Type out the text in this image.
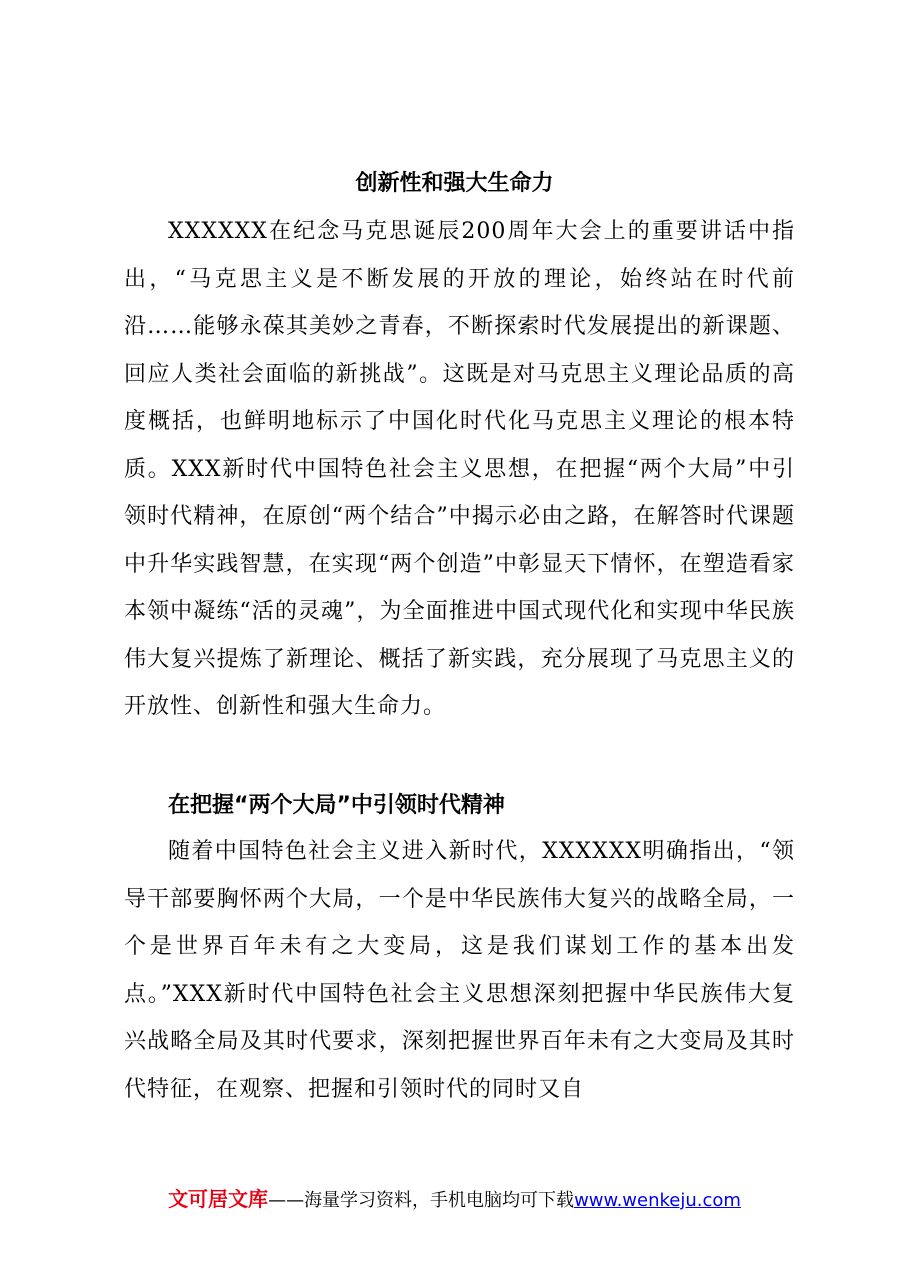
创新性和强大生命力
XXXXXX在纪念马克思诞辰200周年大会上的重要讲话中指出，“马克思主义是不断发展的开放的理论，始终站在时代前沿……能够永葆其美妙之青春，不断探索时代发展提出的新课题、回应人类社会面临的新挑战”。这既是对马克思主义理论品质的高度概括，也鲜明地标示了中国化时代化马克思主义理论的根本特质。XXX新时代中国特色社会主义思想，在把握“两个大局”中引领时代精神，在原创“两个结合”中揭示必由之路，在解答时代课题中升华实践智慧，在实现“两个创造”中彰显天下情怀，在塑造看家本领中凝练“活的灵魂”，为全面推进中国式现代化和实现中华民族伟大复兴提炼了新理论、概括了新实践，充分展现了马克思主义的开放性、创新性和强大生命力。
在把握“两个大局”中引领时代精神
随着中国特色社会主义进入新时代，XXXXXX明确指出，“领导干部要胸怀两个大局，一个是中华民族伟大复兴的战略全局，一个是世界百年未有之大变局，这是我们谋划工作的基本出发点。”XXX新时代中国特色社会主义思想深刻把握中华民族伟大复兴战略全局及其时代要求，深刻把握世界百年未有之大变局及其时代特征，在观察、把握和引领时代的同时又自
文可居文库——海量学习资料，手机电脑均可下载www.wenkeju.com
